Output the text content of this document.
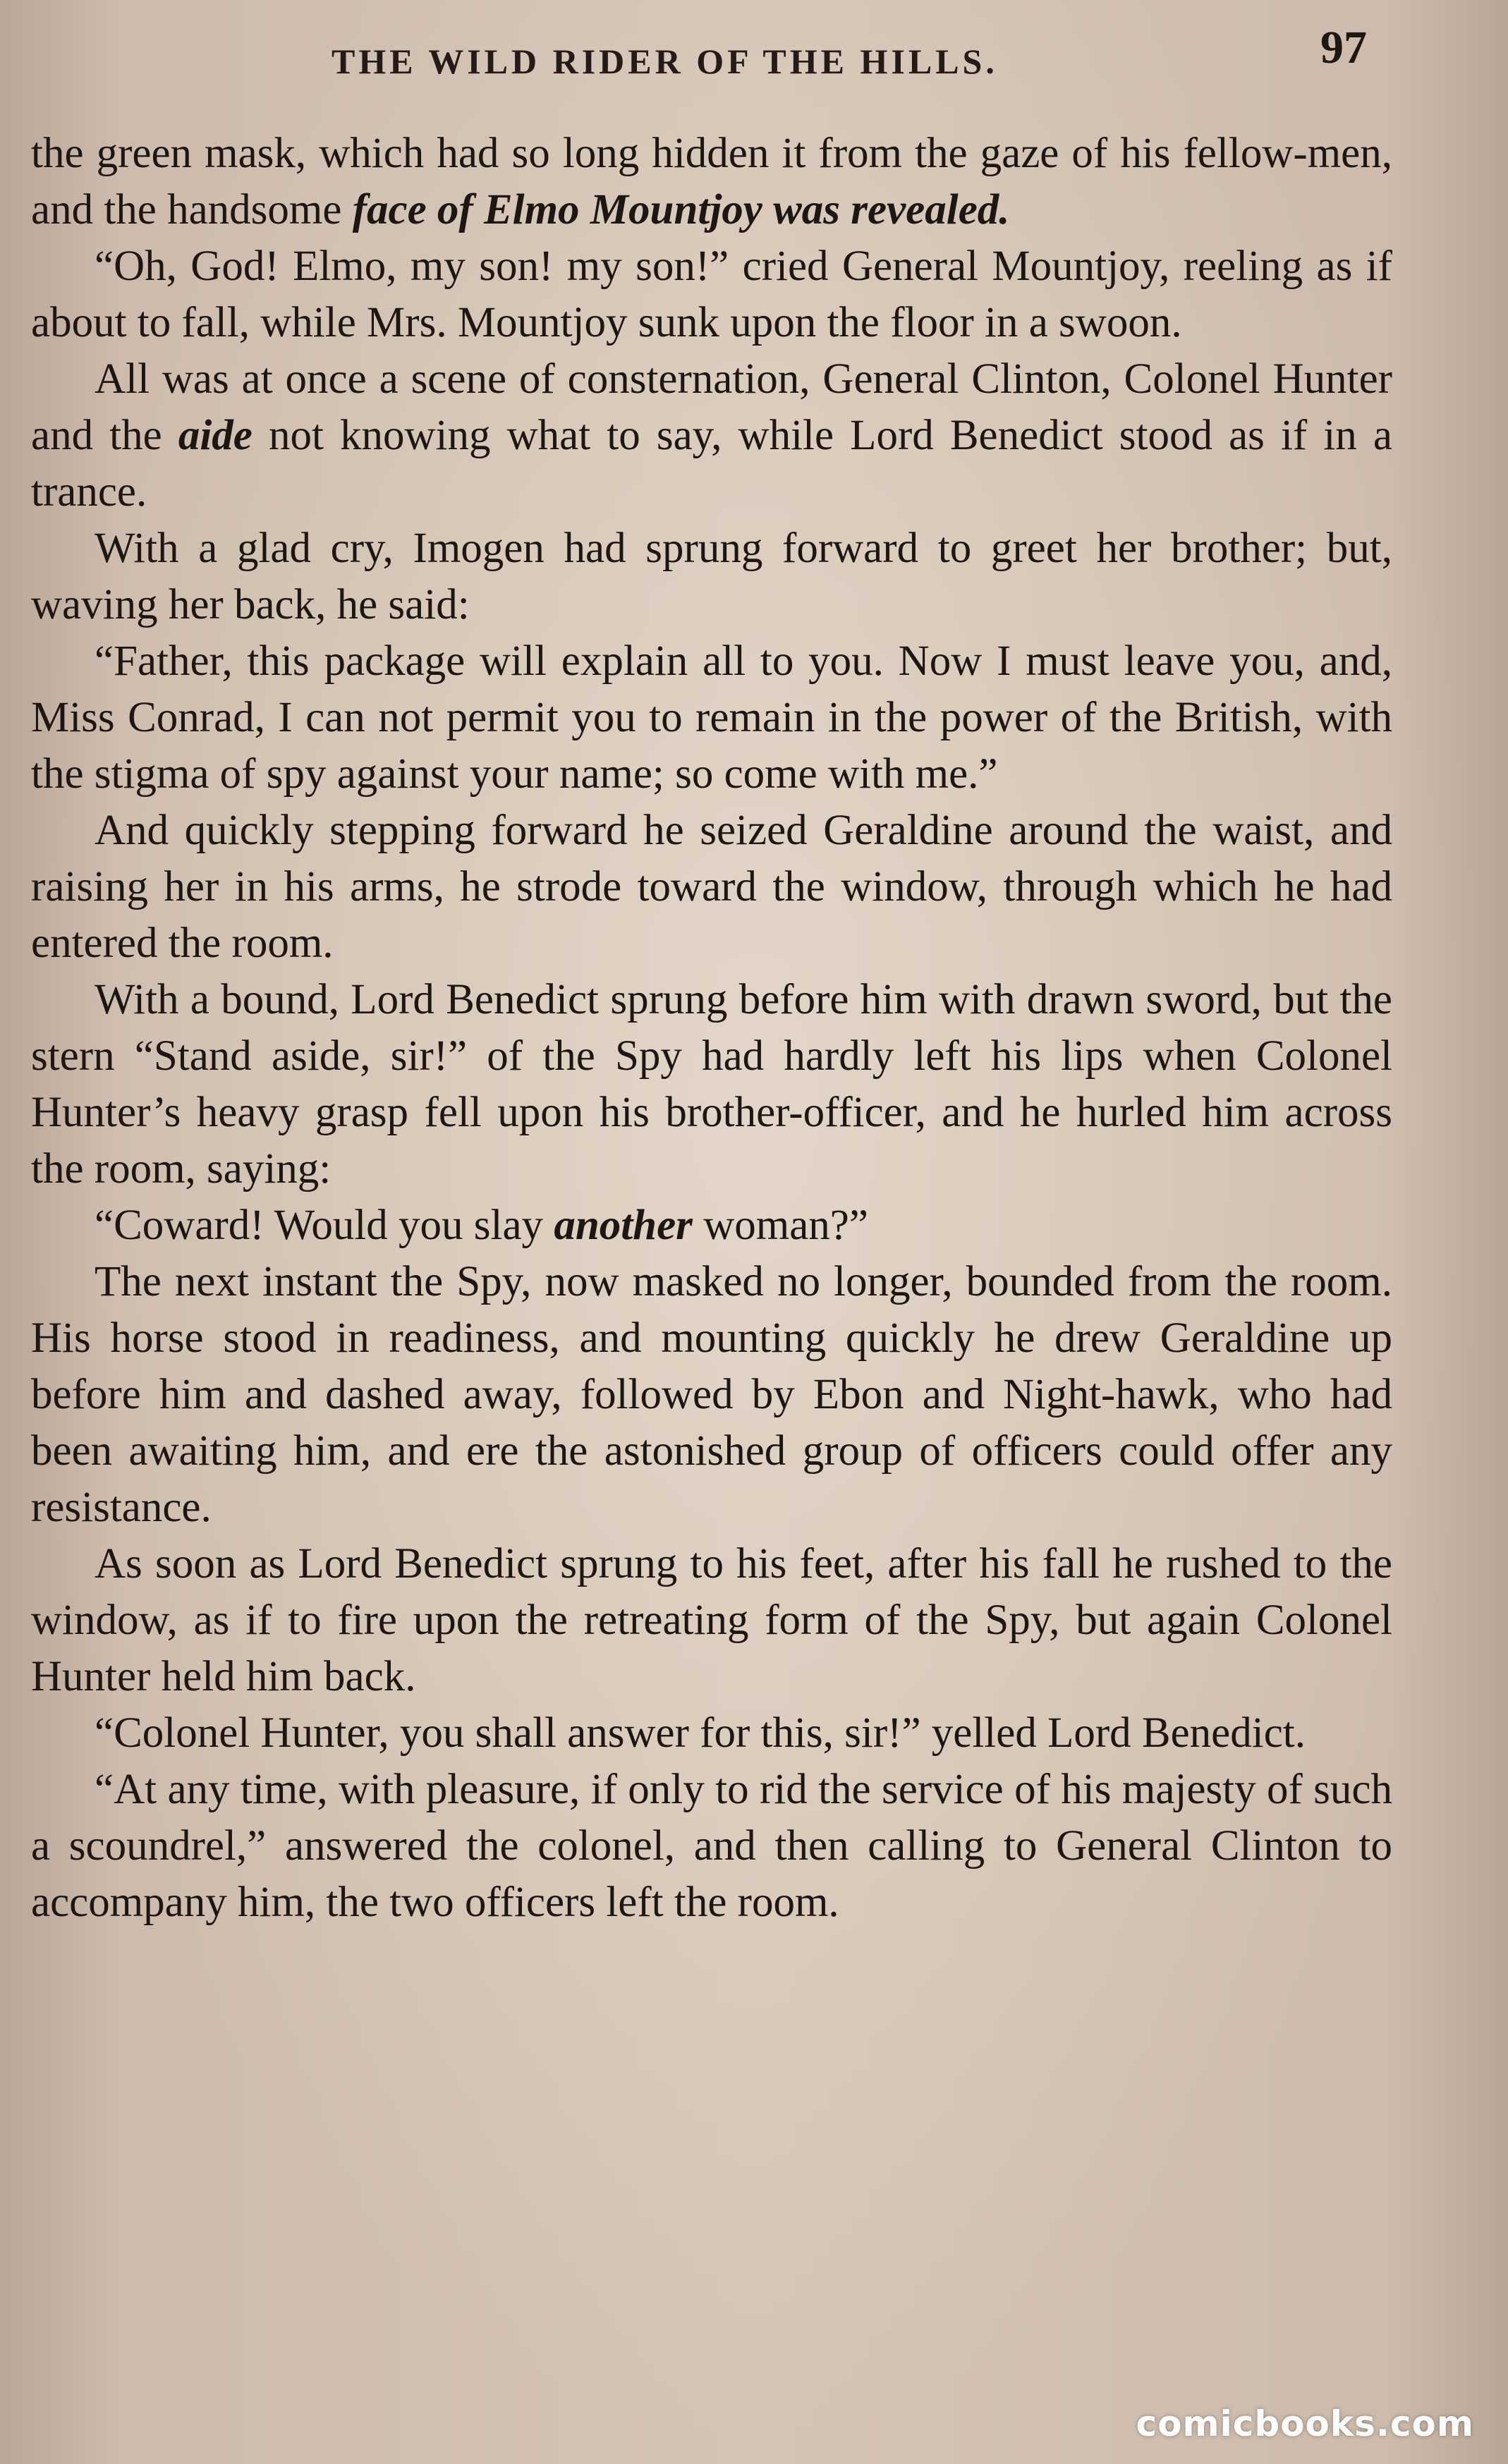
THE WILD RIDER OF THE HILLS.	97

the green mask, which had so long hidden it from the gaze of his fellow-men, and the handsome face of Elmo Mountjoy was revealed.

“Oh, God! Elmo, my son! my son!” cried General Mountjoy, reeling as if about to fall, while Mrs. Mountjoy sunk upon the floor in a swoon.

All was at once a scene of consternation, General Clinton, Colonel Hunter and the aide not knowing what to say, while Lord Benedict stood as if in a trance.

With a glad cry, Imogen had sprung forward to greet her brother; but, waving her back, he said:

“Father, this package will explain all to you. Now I must leave you, and, Miss Conrad, I can not permit you to remain in the power of the British, with the stigma of spy against your name; so come with me.”

And quickly stepping forward he seized Geraldine around the waist, and raising her in his arms, he strode toward the window, through which he had entered the room.

With a bound, Lord Benedict sprung before him with drawn sword, but the stern “Stand aside, sir!” of the Spy had hardly left his lips when Colonel Hunter’s heavy grasp fell upon his brother-officer, and he hurled him across the room, saying:

“Coward! Would you slay another woman?”

The next instant the Spy, now masked no longer, bounded from the room. His horse stood in readiness, and mounting quickly he drew Geraldine up before him and dashed away, followed by Ebon and Night-hawk, who had been awaiting him, and ere the astonished group of officers could offer any resistance.

As soon as Lord Benedict sprung to his feet, after his fall he rushed to the window, as if to fire upon the retreating form of the Spy, but again Colonel Hunter held him back.

“Colonel Hunter, you shall answer for this, sir!” yelled Lord Benedict.

“At any time, with pleasure, if only to rid the service of his majesty of such a scoundrel,” answered the colonel, and then calling to General Clinton to accompany him, the two officers left the room.

comicbooks.com
